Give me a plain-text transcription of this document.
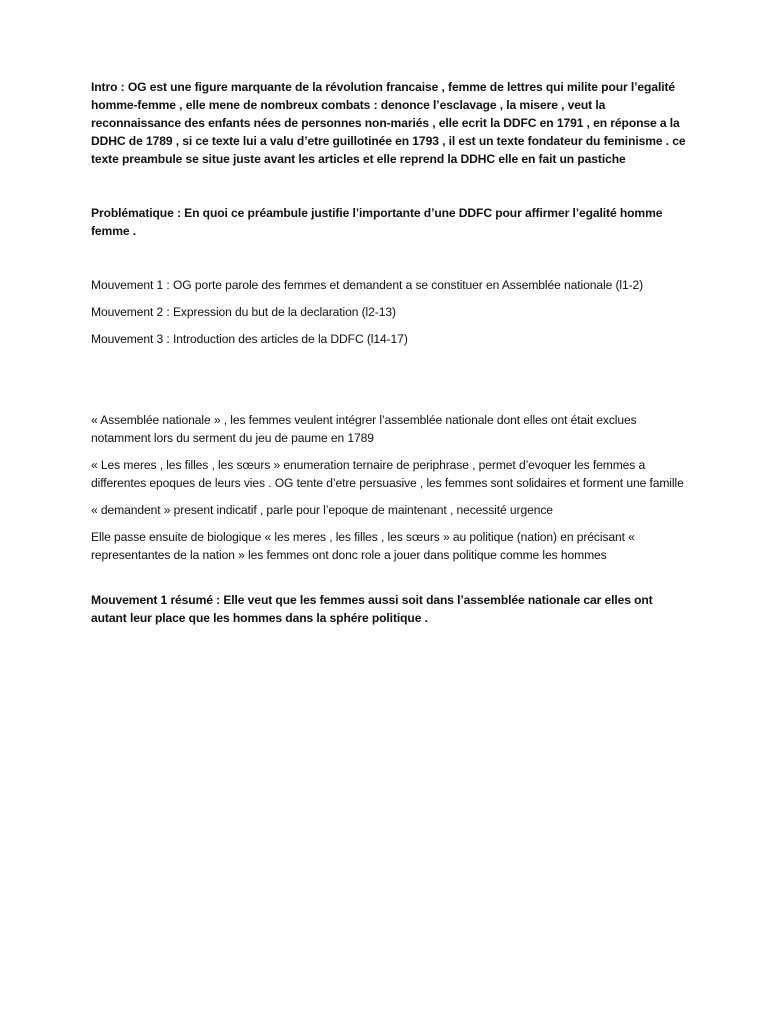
Intro : OG est une figure marquante de la révolution francaise , femme de lettres qui milite pour l’egalité homme-femme , elle mene de nombreux combats : denonce l’esclavage , la misere , veut la reconnaissance des enfants nées de personnes non-mariés , elle ecrit la DDFC en 1791 , en réponse a la DDHC de 1789 , si ce texte lui a valu d’etre guillotinée en 1793 , il est un texte fondateur du feminisme . ce texte preambule se situe juste avant les articles et elle reprend la DDHC elle en fait un pastiche

Problématique : En quoi ce préambule justifie l’importante d’une DDFC pour affirmer l’egalité homme femme .

Mouvement 1 : OG porte parole des femmes et demandent a se constituer en Assemblée nationale (l1-2)

Mouvement 2 : Expression du but de la declaration (l2-13)

Mouvement 3 : Introduction des articles de la DDFC (l14-17)

« Assemblée nationale » , les femmes veulent intégrer l’assemblée nationale dont elles ont était exclues notamment lors du serment du jeu de paume en 1789

« Les meres , les filles , les sœurs » enumeration ternaire de periphrase , permet d’evoquer les femmes a differentes epoques de leurs vies . OG tente d’etre persuasive , les femmes sont solidaires et forment une famille

« demandent » present indicatif , parle pour l’epoque de maintenant , necessité urgence

Elle passe ensuite de biologique « les meres , les filles , les sœurs » au politique (nation) en précisant « representantes de la nation » les femmes ont donc role a jouer dans politique comme les hommes

Mouvement 1 résumé : Elle veut que les femmes aussi soit dans l’assemblée nationale car elles ont autant leur place que les hommes dans la sphére politique .
